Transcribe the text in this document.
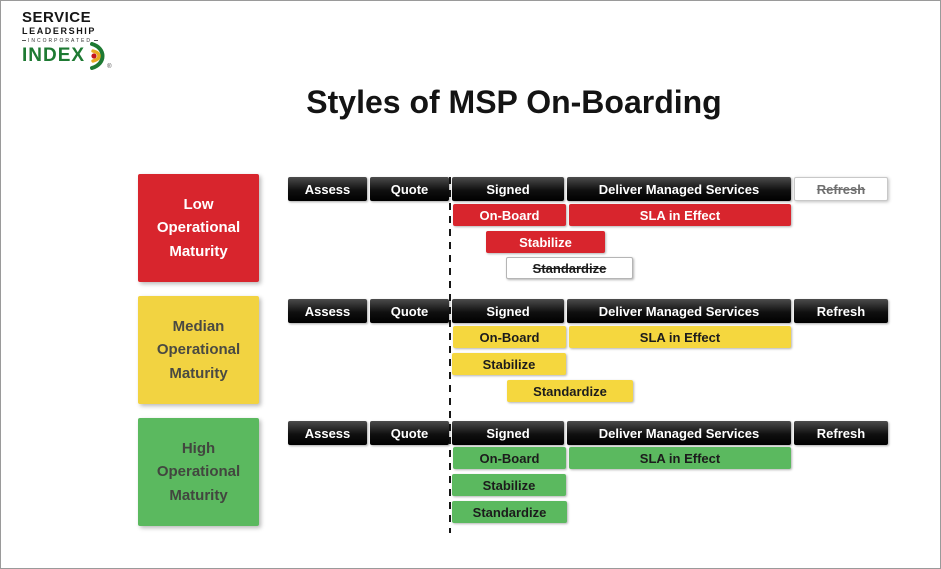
SERVICE
LEADERSHIP
INCORPORATED
INDEX
®
Styles of MSP On-Boarding
Low Operational Maturity
Assess	Quote	Signed	Deliver Managed Services	Refresh
On-Board	SLA in Effect
Stabilize
Standardize
Median Operational Maturity
Assess	Quote	Signed	Deliver Managed Services	Refresh
On-Board	SLA in Effect
Stabilize
Standardize
High Operational Maturity
Assess	Quote	Signed	Deliver Managed Services	Refresh
On-Board	SLA in Effect
Stabilize
Standardize
